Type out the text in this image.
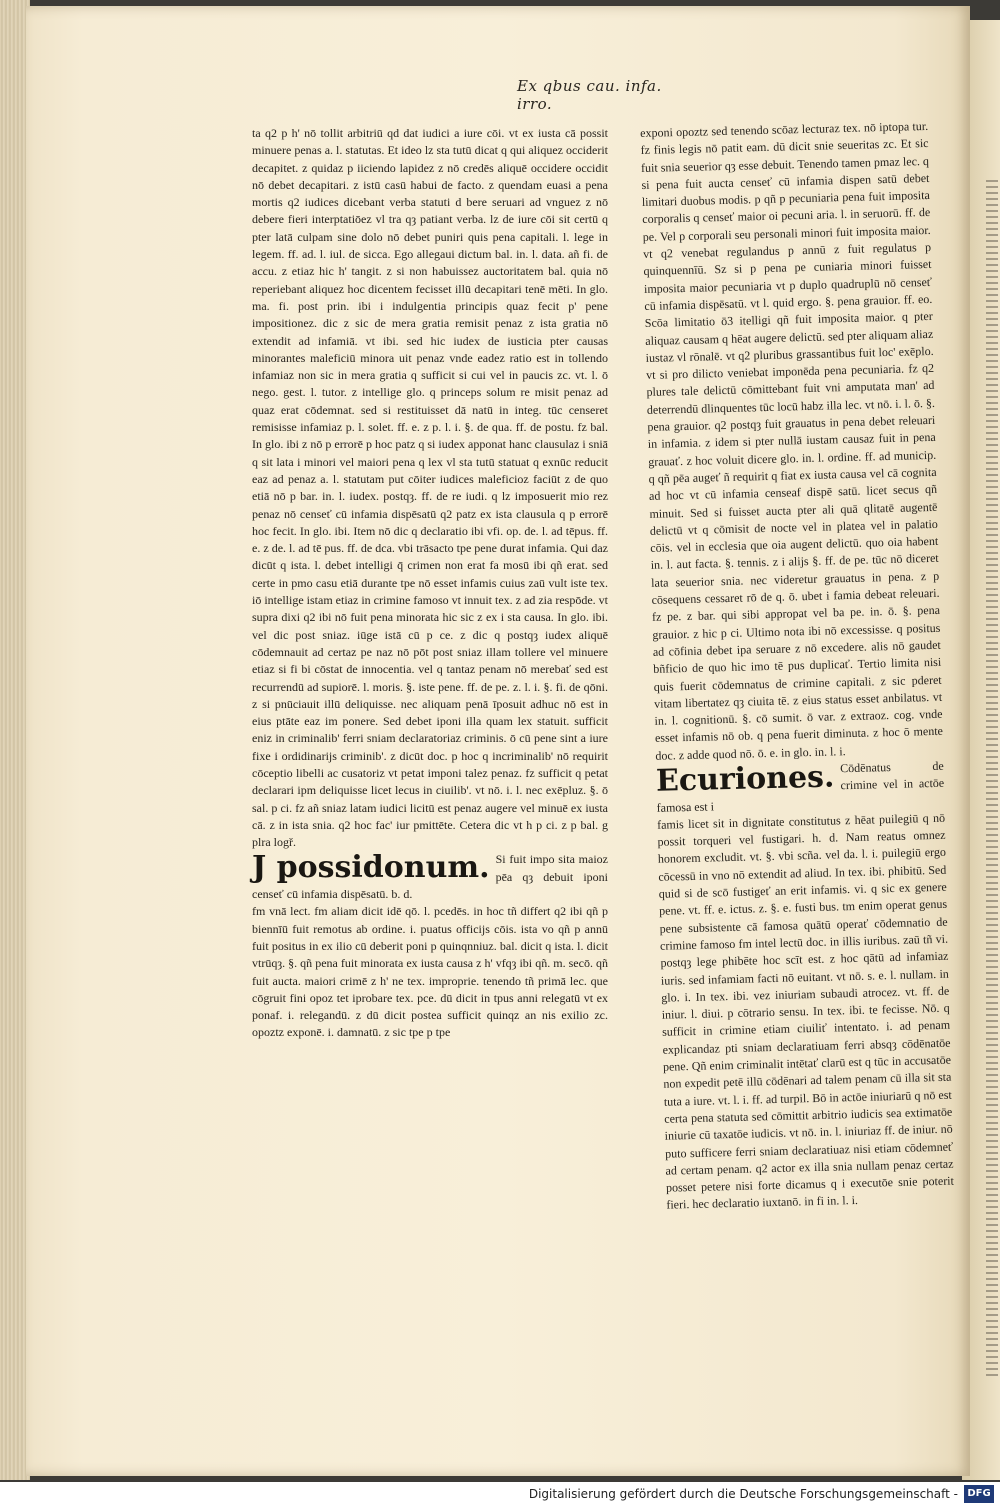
Ex qbus cau. infa. irro.

ta q2 p h' nō tollit arbitriū qd dat iudici a iure cōi. vt ex iusta cā possit minuere penas a. l. statutas. Et ideo lz sta tutū dicat q qui aliquez occiderit decapitet. z quidaz p iiciendo lapidez z nō credēs aliquē occidere occidit nō debet decapitari. z istū casū habui de facto. z quendam euasi a pena mortis q2 iudices dicebant verba statuti d bere seruari ad vnguez z nō debere fieri interptatiōez vl tra qȝ patiant verba. lz de iure cōi sit certū q pter latā culpam sine dolo nō debet puniri quis pena capitali. l. lege in legem. ff. ad. l. iul. de sicca. Ego allegaui dictum bal. in. l. data. añ fi. de accu. z etiaz hic h' tangit. z si non habuissez auctoritatem bal. quia nō reperiebant aliquez hoc dicentem fecisset illū decapitari tenē mēti. In glo. ma. fi. post prin. ibi i indulgentia principis quaz fecit p' pene impositionez. dic z sic de mera gratia remisit penaz z ista gratia nō extendit ad infamiā. vt ibi. sed hic iudex de iusticia pter causas minorantes maleficiū minora uit penaz vnde eadez ratio est in tollendo infamiaz non sic in mera gratia q sufficit si cui vel in paucis zc. vt. l. ō nego. gest. l. tutor. z intellige glo. q princeps solum re misit penaz ad quaz erat cōdemnat. sed si restituisset dā natū in integ. tūc censeret remisisse infamiaz p. l. solet. ff. e. z p. l. i. §. de qua. ff. de postu. fz bal. In glo. ibi z nō p errorē p hoc patz q si iudex apponat hanc clausulaz i sniā q sit lata i minori vel maiori pena q lex vl sta tutū statuat q exnūc reducit eaz ad penaz a. l. statutam put cōiter iudices maleficioz faciūt z de quo etiā nō p bar. in. l. iudex. postqȝ. ff. de re iudi. q lz imposuerit mio rez penaz nō censeť cū infamia dispēsatū q2 patz ex ista clausula q p errorē hoc fecit. In glo. ibi. Item nō dic q declaratio ibi vfi. op. de. l. ad tēpus. ff. e. z de. l. ad tē pus. ff. de dca. vbi trāsacto tpe pene durat infamia. Qui daz dicūt q ista. l. debet intelligi q̄ crimen non erat fa mosū ibi qñ erat. sed certe in pmo casu etiā durante tpe nō esset infamis cuius zaū vult iste tex. iō intellige istam etiaz in crimine famoso vt innuit tex. z ad zia respōde. vt supra dixi q2 ibi nō fuit pena minorata hic sic z ex i sta causa. In glo. ibi. vel dic post sniaz. iūge istā cū p ce. z dic q postqȝ iudex aliquē cōdemnauit ad certaz pe naz nō pōt post sniaz illam tollere vel minuere etiaz si fi bi cōstat de innocentia. vel q tantaz penam nō merebať sed est recurrendū ad supiorē. l. moris. §. iste pene. ff. de pe. z. l. i. §. fi. de qōni. z si pnūciauit illū deliquisse. nec aliquam penā īposuit adhuc nō est in eius ptāte eaz im ponere. Sed debet iponi illa quam lex statuit. sufficit eniz in criminalib' ferri sniam declaratoriaz criminis. ō cū pene sint a iure fixe i ordidinarijs criminib'. z dicūt doc. p hoc q incriminalib' nō requirit cōceptio libelli ac cusatoriz vt petat imponi talez penaz. fz sufficit q petat declarari ipm deliquisse licet lecus in ciuilib'. vt nō. i. l. nec exēpluz. §. ō sal. p ci. fz añ sniaz latam iudici licitū est penaz augere vel minuē ex iusta cā. z in ista snia. q2 hoc fac' iur pmittēte. Cetera dic vt h p ci. z p bal. g plra logř.

J possidonum. Si fuit impo sita maioz pēa qȝ debuit iponi censeť cū infamia dispēsatū. b. d.

fm vnā lect. fm aliam dicit idē qō. l. pcedēs. in hoc tñ differt q2 ibi qñ p biennīū fuit remotus ab ordine. i. puatus officijs cōis. ista vo qñ p annū fuit positus in ex ilio cū deberit poni p quinqnniuz. bal. dicit q ista. l. dicit vtrūqȝ. §. qñ pena fuit minorata ex iusta causa z h' vfqȝ ibi qñ. m. secō. qñ fuit aucta. maiori crimē z h' ne tex. improprie. tenendo tñ primā lec. que cōgruit fini opoz tet iprobare tex. pce. dū dicit in tpus anni relegatū vt ex ponaf. i. relegandū. z dū dicit postea sufficit quinqz an nis exilio zc. opoztz exponē. i. damnatū. z sic tpe p tpe

exponi opoztz sed tenendo scōaz lecturaz tex. nō iptopa tur. fz finis legis nō patit eam. dū dicit snie seueritas zc. Et sic fuit snia seuerior qȝ esse debuit. Tenendo tamen pmaz lec. q si pena fuit aucta censeť cū infamia dispen satū debet limitari duobus modis. p qñ p pecuniaria pena fuit imposita corporalis q censeť maior oi pecuni aria. l. in seruorū. ff. de pe. Vel p corporali seu personali minori fuit imposita maior. vt q2 venebat regulandus p annū z fuit regulatus p quinquennīū. Sz si p pena pe cuniaria minori fuisset imposita maior pecuniaria vt p duplo quadruplū nō censeť cū infamia dispēsatū. vt l. quid ergo. §. pena grauior. ff. eo. Scōa limitatio ō3 itelligi qñ fuit imposita maior. q pter aliquaz causam q hēat augere delictū. sed pter aliquam aliaz iustaz vl rōnalē. vt q2 pluribus grassantibus fuit loc' exēplo. vt si pro dilicto veniebat imponēda pena pecuniaria. fz q2 plures tale delictū cōmittebant fuit vni amputata man' ad deterrendū dlinquentes tūc locū habz illa lec. vt nō. i. l. ō. §. pena grauior. q2 postqȝ fuit grauatus in pena debet releuari in infamia. z idem si pter nullā iustam causaz fuit in pena grauať. z hoc voluit dicere glo. in. l. ordine. ff. ad municip. q qñ pēa augeť ñ requirit q fiat ex iusta causa vel cā cognita ad hoc vt cū infamia censeaf dispē satū. licet secus qñ minuit. Sed si fuisset aucta pter ali quā qlitatē augentē delictū vt q cōmisit de nocte vel in platea vel in palatio cōis. vel in ecclesia que oia augent delictū. quo oia habent in. l. aut facta. §. tennis. z i alijs §. ff. de pe. tūc nō diceret lata seuerior snia. nec videretur grauatus in pena. z p cōsequens cessaret rō de q. ō. ubet i famia debeat releuari. fz pe. z bar. qui sibi appropat vel ba pe. in. ō. §. pena grauior. z hic p ci. Ultimo nota ibi nō excessisse. q positus ad cōfinia debet ipa seruare z nō excedere. alis nō gaudet bñficio de quo hic imo tē pus duplicať. Tertio limita nisi quis fuerit cōdemnatus de crimine capitali. z sic pderet vitam libertatez qȝ ciuita tē. z eius status esset anbilatus. vt in. l. cognitionū. §. cō sumit. ō var. z extraoz. cog. vnde esset infamis nō ob. q pena fuerit diminuta. z hoc ō mente doc. z adde quod nō. ō. e. in glo. in. l. i.

Ecuriones. Cōdēnatus de crimine vel in actōe famosa est i

famis licet sit in dignitate constitutus z hēat puilegiū q nō possit torqueri vel fustigari. h. d. Nam reatus omnez honorem excludit. vt. §. vbi scña. vel da. l. i. puilegiū ergo cōcessū in vno nō extendit ad aliud. In tex. ibi. phibitū. Sed quid si de scō fustigeť an erit infamis. vi. q sic ex genere pene. vt. ff. e. ictus. z. §. e. fusti bus. tm enim operat genus pene subsistente cā famosa quātū operať cōdemnatio de crimine famoso fm intel lectū doc. in illis iuribus. zaū tñ vi. postqȝ lege phibēte hoc scīt est. z hoc qātū ad infamiaz iuris. sed infamiam facti nō euitant. vt nō. s. e. l. nullam. in glo. i. In tex. ibi. vez iniuriam subaudi atrocez. vt. ff. de iniur. l. diui. p cōtrario sensu. In tex. ibi. te fecisse. Nō. q sufficit in crimine etiam ciuiliť intentato. i. ad penam explicandaz pti sniam declaratiuam ferri absqȝ cōdēnatōe pene. Qñ enim criminalit intētať clarū est q tūc in accusatōe non expedit petē illū cōdēnari ad talem penam cū illa sit sta tuta a iure. vt. l. i. ff. ad turpil. Bō in actōe iniuriarū q nō est certa pena statuta sed cōmittit arbitrio iudicis sea extimatōe iniurie cū taxatōe iudicis. vt nō. in. l. iniuriaz ff. de iniur. nō puto sufficere ferri sniam declaratiuaz nisi etiam cōdemneť ad certam penam. q2 actor ex illa snia nullam penaz certaz posset petere nisi forte dicamus q i executōe snie poterit fieri. hec declaratio iuxtanō. in fi in. l. i.

Digitalisierung gefördert durch die Deutsche Forschungsgemeinschaft - DFG
